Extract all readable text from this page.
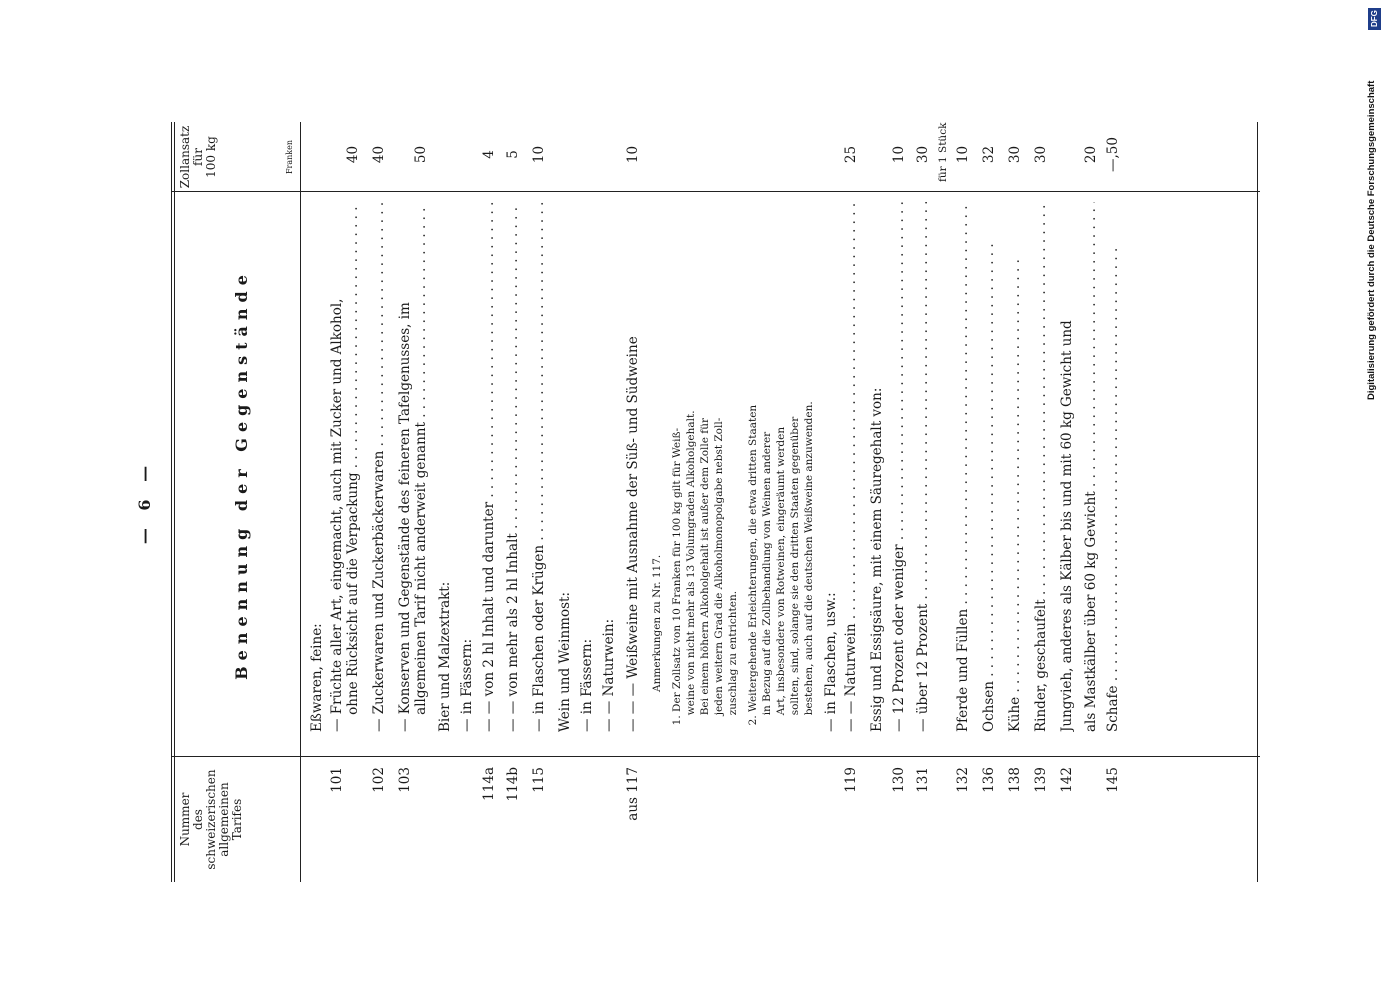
— 6 —
Nummer des schweizerischen allgemeinen Tarifes
Benennung der Gegenstände
Zollansatz für 100 kg	Franken
Eßwaren, feine:
101
— Früchte aller Art, eingemacht, auch mit Zucker und Alkohol, ohne Rücksicht auf die Verpackung . . .
40
102
— Zuckerwaren und Zuckerbäckerwaren . . .
40
103
— Konserven und Gegenstände des feineren Tafelgenusses, im allgemeinen Tarif nicht anderweit genannt . . .
50
Bier und Malzextrakt: — in Fässern:
114a
— — von 2 hl Inhalt und darunter . . .
4
114b
— — von mehr als 2 hl Inhalt . . .
5
115
— in Flaschen oder Krügen . . .
10
Wein und Weinmost: — in Fässern: — — Naturwein:
aus 117
— — — Weißweine mit Ausnahme der Süß- und Südweine
10
Anmerkungen zu Nr. 117. 1. Der Zollsatz von 10 Franken für 100 kg gilt für Weiß- weine von nicht mehr als 13 Volumgraden Alkoholgehalt. Bei einem höhern Alkoholgehalt ist außer dem Zolle für jeden weitern Grad die Alkoholmonopolgabe nebst Zoll- zuschlag zu entrichten. 2. Weitergehende Erleichterungen, die etwa dritten Staaten in Bezug auf die Zollbehandlung von Weinen anderer Art, insbesondere von Rotweinen, eingeräumt werden sollten, sind, solange sie den dritten Staaten gegenüber bestehen, auch auf die deutschen Weißweine anzuwenden. — in Flaschen, usw.:
119
— — Naturwein . . .
25
Essig und Essigsäure, mit einem Säuregehalt von:
130
— 12 Prozent oder weniger . . .
10
131
— über 12 Prozent . . .
30 für 1 Stück
132
Pferde und Füllen . . .
10
136
Ochsen . . .
32
138
Kühe . . .
30
139
Rinder, geschaufelt . . .
30
142
Jungvieh, anderes als Kälber bis und mit 60 kg Gewicht und als Mastkälber über 60 kg Gewicht . . .
20
145
Schafe . . .
—,50
DFG
Digitalisierung gefördert durch die Deutsche Forschungsgemeinschaft
